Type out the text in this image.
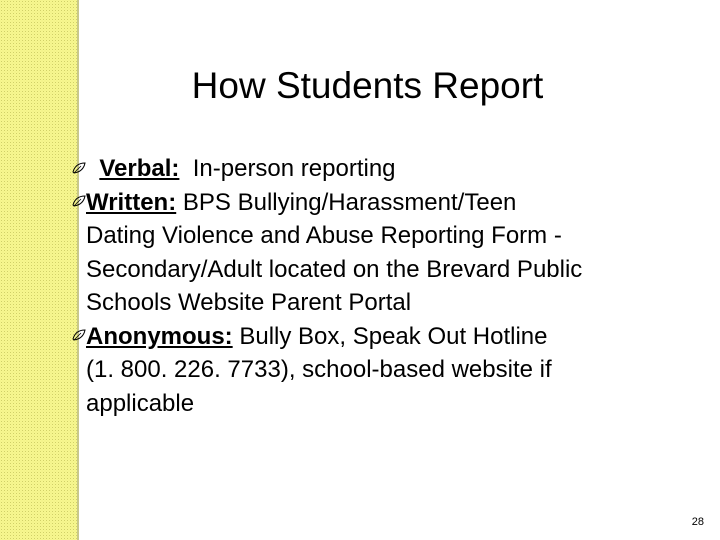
How Students Report

Verbal: In-person reporting

Written: BPS Bullying/Harassment/Teen

Dating Violence and Abuse Reporting Form -

Secondary/Adult located on the Brevard Public

Schools Website Parent Portal

Anonymous: Bully Box, Speak Out Hotline

(1. 800. 226. 7733), school-based website if

applicable

28
